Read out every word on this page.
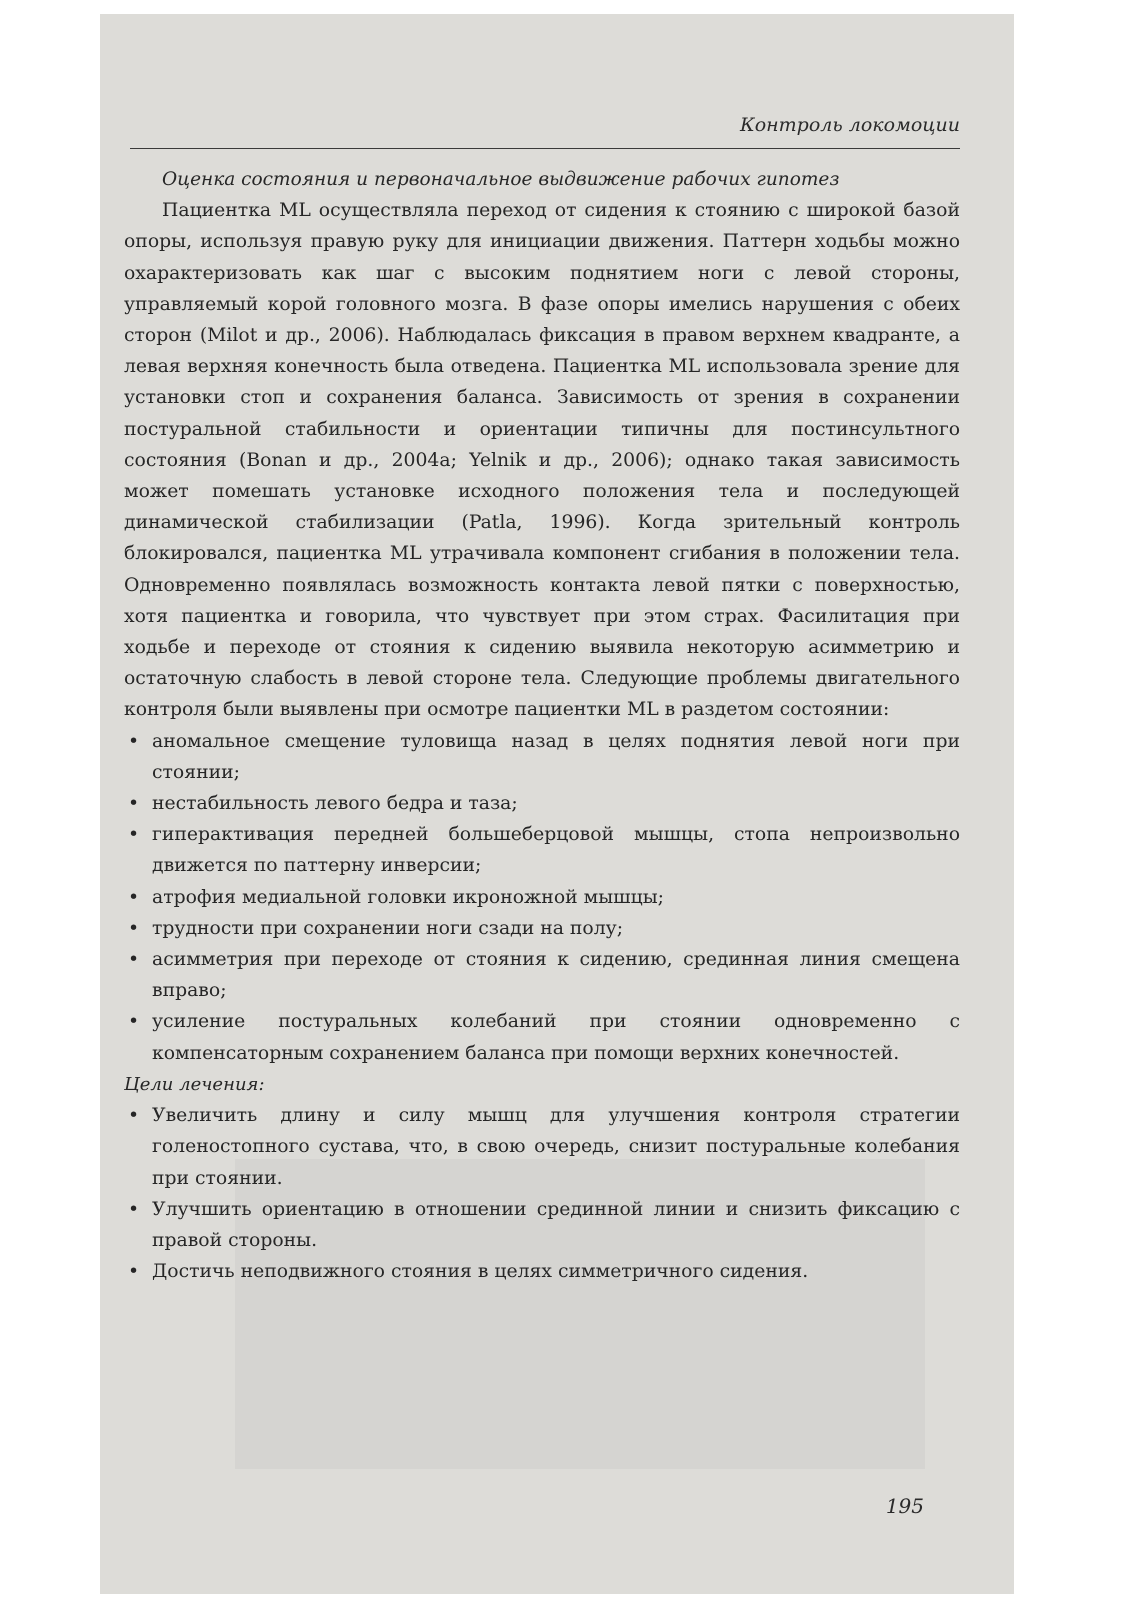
Контроль локомоции

Оценка состояния и первоначальное выдвижение рабочих гипотез

Пациентка ML осуществляла переход от сидения к стоянию с широкой базой опоры, используя правую руку для инициации движения. Паттерн ходьбы можно охарактеризовать как шаг с высоким поднятием ноги с левой стороны, управляемый корой головного мозга. В фазе опоры имелись нарушения с обеих сторон (Milot и др., 2006). Наблюдалась фиксация в правом верхнем квадранте, а левая верхняя конечность была отведена. Пациентка ML использовала зрение для установки стоп и сохранения баланса. Зависимость от зрения в сохранении постуральной стабильности и ориентации типичны для постинсультного состояния (Bonan и др., 2004а; Yelnik и др., 2006); однако такая зависимость может помешать установке исходного положения тела и последующей динамической стабилизации (Patla, 1996). Когда зрительный контроль блокировался, пациентка ML утрачивала компонент сгибания в положении тела. Одновременно появлялась возможность контакта левой пятки с поверхностью, хотя пациентка и говорила, что чувствует при этом страх. Фасилитация при ходьбе и переходе от стояния к сидению выявила некоторую асимметрию и остаточную слабость в левой стороне тела. Следующие проблемы двигательного контроля были выявлены при осмотре пациентки ML в раздетом состоянии:

• аномальное смещение туловища назад в целях поднятия левой ноги при стоянии;
• нестабильность левого бедра и таза;
• гиперактивация передней большеберцовой мышцы, стопа непроизвольно движется по паттерну инверсии;
• атрофия медиальной головки икроножной мышцы;
• трудности при сохранении ноги сзади на полу;
• асимметрия при переходе от стояния к сидению, срединная линия смещена вправо;
• усиление постуральных колебаний при стоянии одновременно с компенсаторным сохранением баланса при помощи верхних конечностей.

Цели лечения:

• Увеличить длину и силу мышц для улучшения контроля стратегии голеностопного сустава, что, в свою очередь, снизит постуральные колебания при стоянии.
• Улучшить ориентацию в отношении срединной линии и снизить фиксацию с правой стороны.
• Достичь неподвижного стояния в целях симметричного сидения.
195
